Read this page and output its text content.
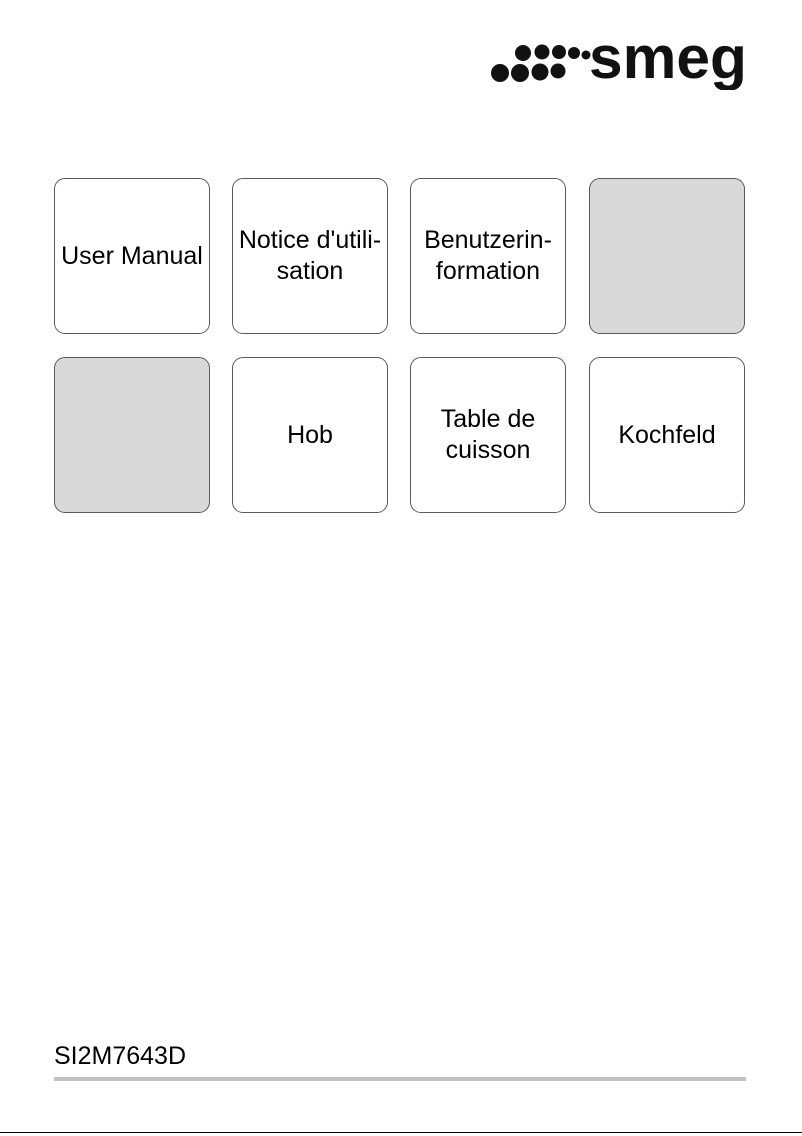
smeg
User Manual
Notice d'utili-
sation
Benutzerin-
formation
Hob
Table de
cuisson
Kochfeld
SI2M7643D
